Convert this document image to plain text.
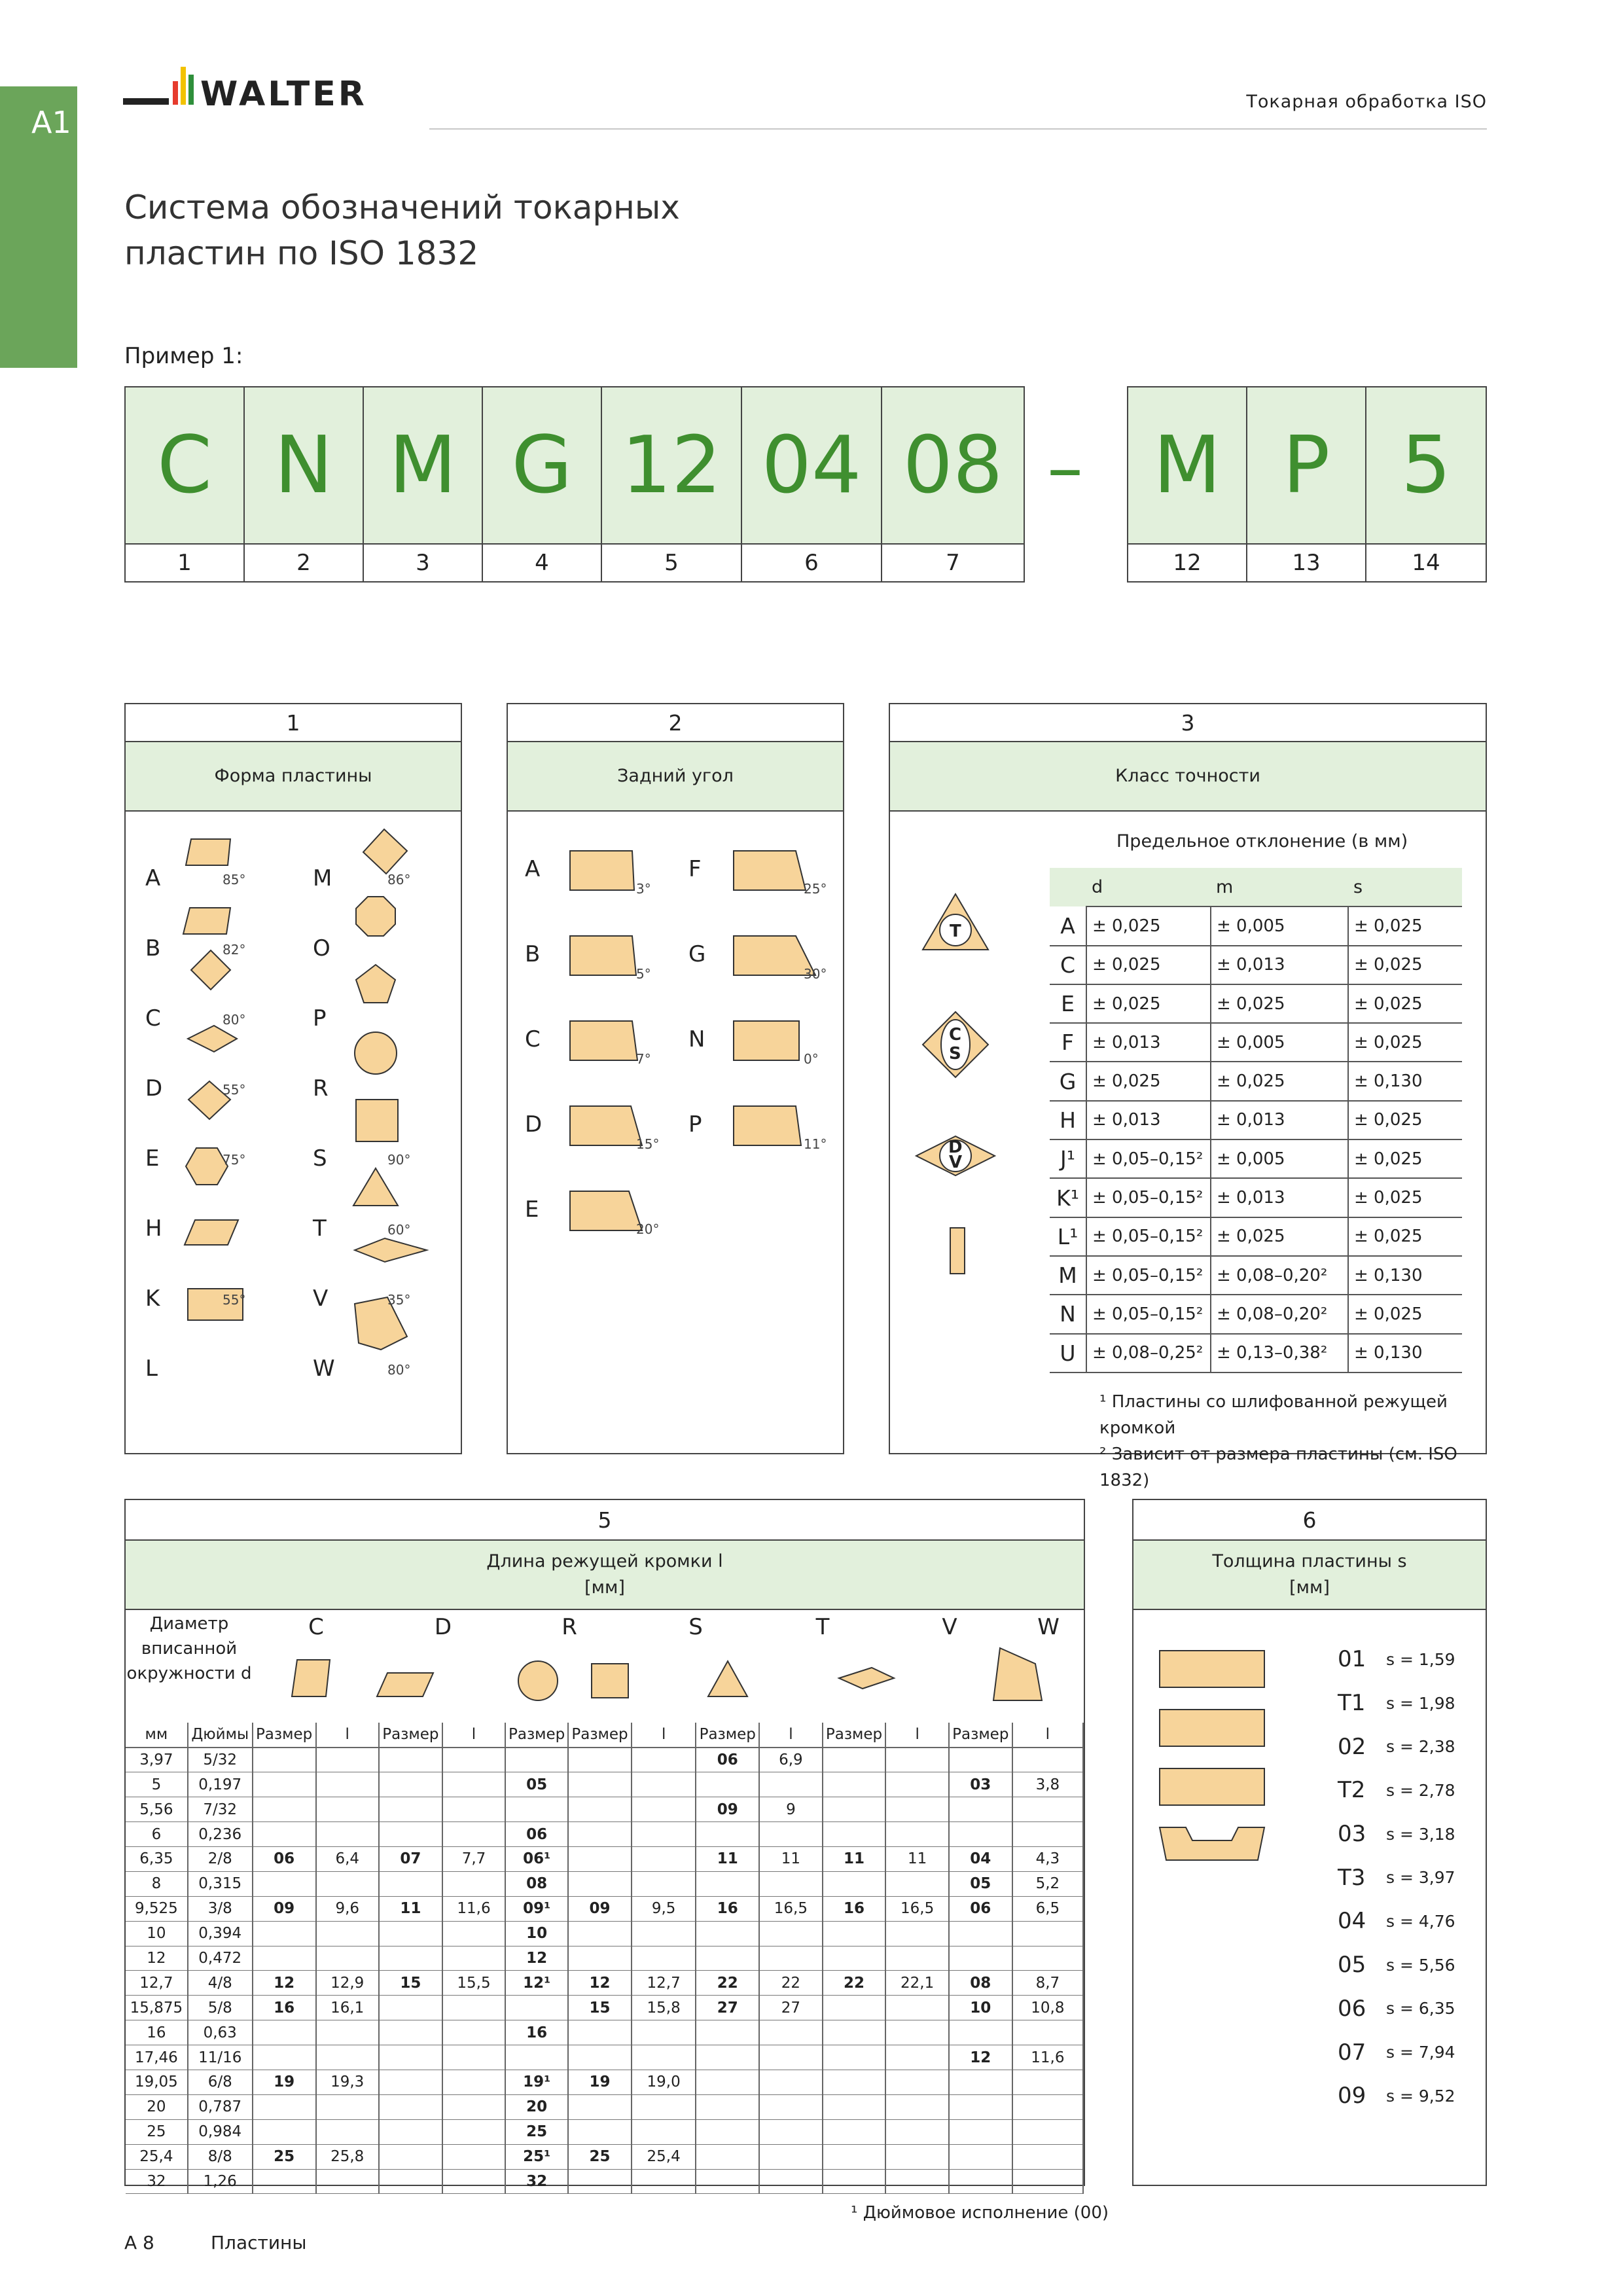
A1
WALTER	Токарная обработка ISO
Система обозначений токарных
пластин по ISO 1832
Пример 1:
C
1
N
2
M
3
G
4
12
5
04
6
08
7
– M
12
P
13
5
14
1
Форма пластины
A	85°
B	82°
C	80°
D	55°
E	75°
H
K	55°
L
M	86°
O
P
R
S	90°
T	60°
V	35°
W	80°
2
Задний угол
A
3°
B
5°
C
7°
D
15°
E
20°
F
25°
G
30°
N
0°
P
11°
3
Класс точности
T
C
S
D
V
Предельное отклонение (в мм)
	d	m	s
A	± 0,025	± 0,005	± 0,025
C	± 0,025	± 0,013	± 0,025
E	± 0,025	± 0,025	± 0,025
F	± 0,013	± 0,005	± 0,025
G	± 0,025	± 0,025	± 0,130
H	± 0,013	± 0,013	± 0,025
J¹	± 0,05–0,15²	± 0,005	± 0,025
K¹	± 0,05–0,15²	± 0,013	± 0,025
L¹	± 0,05–0,15²	± 0,025	± 0,025
M	± 0,05–0,15²	± 0,08–0,20²	± 0,130
N	± 0,05–0,15²	± 0,08–0,20²	± 0,025
U	± 0,08–0,25²	± 0,13–0,38²	± 0,130
¹ Пластины со шлифованной режущей кромкой
² Зависит от размера пластины (см. ISO 1832)
5
Длина режущей кромки l
[мм]
Диаметр вписанной окружности d
C	D	R	S	T	V	W
мм	Дюймы	Размер	l	Размер	l	Размер	Размер	l	Размер	l	Размер	l	Размер	l
3,97	5/32								06	6,9				
5	0,197					05							03	3,8
5,56	7/32								09	9				
6	0,236					06								
6,35	2/8	06	6,4	07	7,7	06¹			11	11	11	11	04	4,3
8	0,315					08							05	5,2
9,525	3/8	09	9,6	11	11,6	09¹	09	9,5	16	16,5	16	16,5	06	6,5
10	0,394					10								
12	0,472					12								
12,7	4/8	12	12,9	15	15,5	12¹	12	12,7	22	22	22	22,1	08	8,7
15,875	5/8	16	16,1				15	15,8	27	27			10	10,8
16	0,63					16								
17,46	11/16												12	11,6
19,05	6/8	19	19,3			19¹	19	19,0						
20	0,787					20								
25	0,984					25								
25,4	8/8	25	25,8			25¹	25	25,4						
32	1,26					32								
¹ Дюймовое исполнение (00)
6
Толщина пластины s
[мм]
01	s = 1,59
T1	s = 1,98
02	s = 2,38
T2	s = 2,78
03	s = 3,18
T3	s = 3,97
04	s = 4,76
05	s = 5,56
06	s = 6,35
07	s = 7,94
09	s = 9,52
A 8	Пластины
